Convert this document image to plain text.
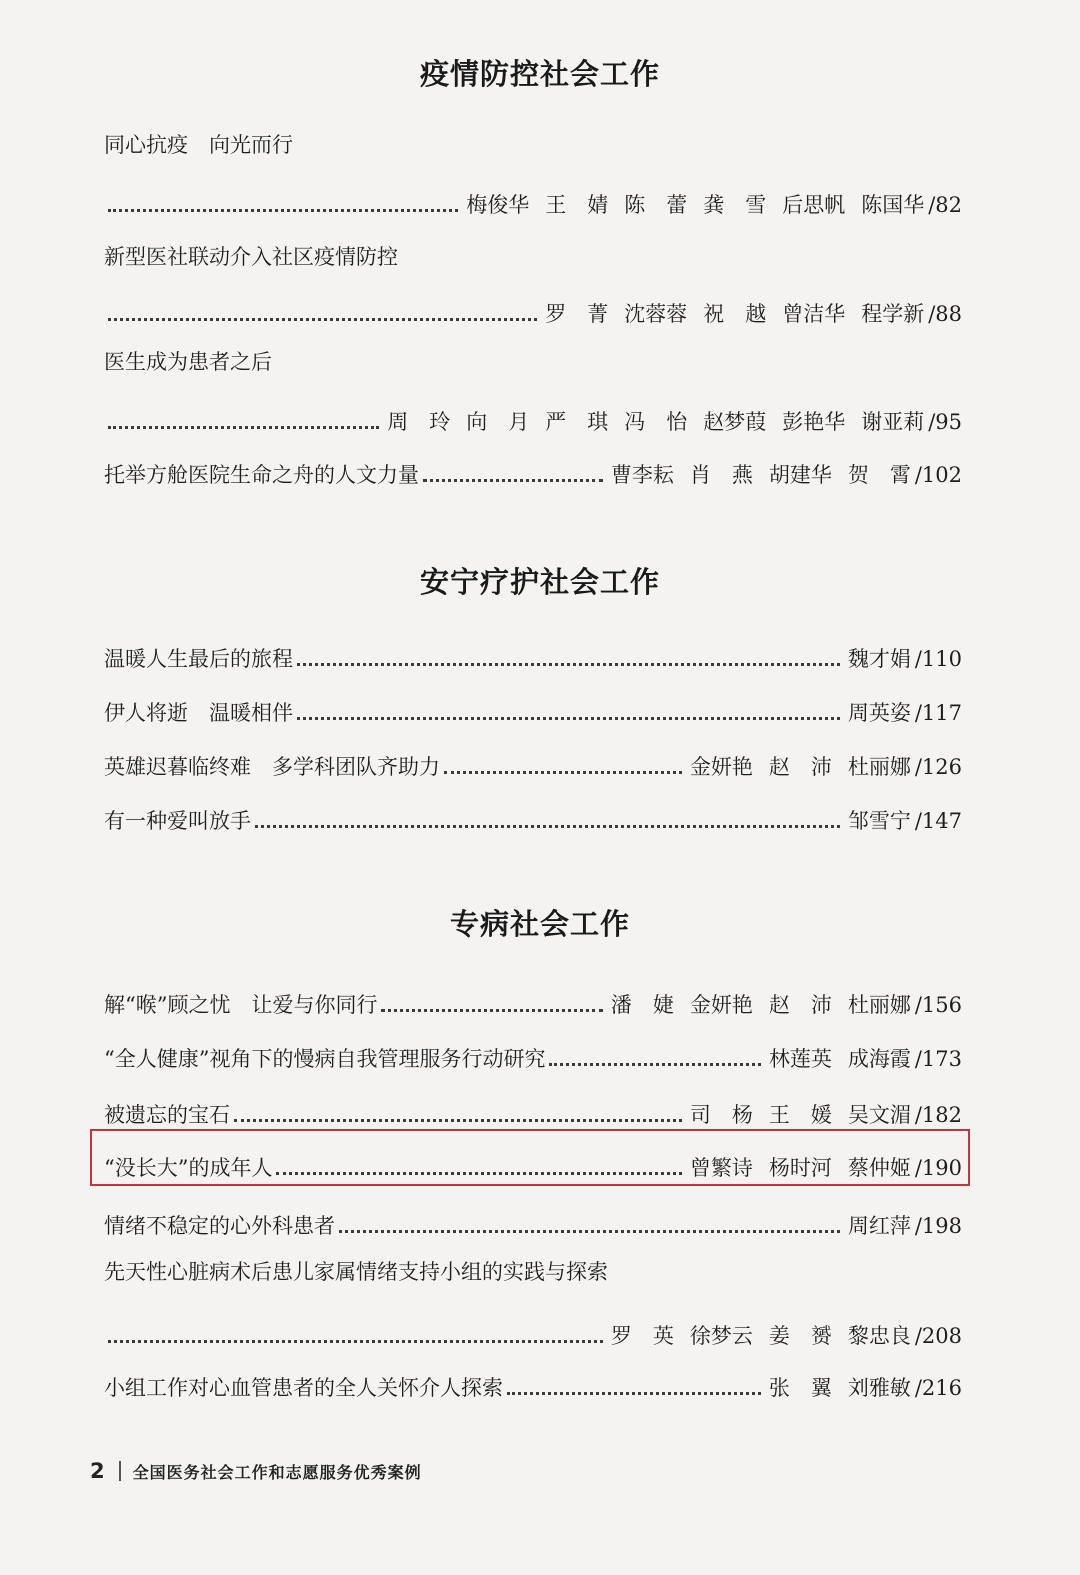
疫情防控社会工作
同心抗疫　向光而行
梅俊华 王　婧 陈　蕾 龚　雪 后思帆 陈国华 /82
新型医社联动介入社区疫情防控
罗　菁 沈蓉蓉 祝　越 曾洁华 程学新 /88
医生成为患者之后
周　玲 向　月 严　琪 冯　怡 赵梦葭 彭艳华 谢亚莉 /95
托举方舱医院生命之舟的人文力量	曹李耘 肖　燕 胡建华 贺　霄 /102
安宁疗护社会工作
温暖人生最后的旅程	魏才娟 /110
伊人将逝　温暖相伴	周英姿 /117
英雄迟暮临终难　多学科团队齐助力	金妍艳 赵　沛 杜丽娜 /126
有一种爱叫放手	邹雪宁 /147
专病社会工作
解“喉”顾之忧　让爱与你同行	潘　婕 金妍艳 赵　沛 杜丽娜 /156
“全人健康”视角下的慢病自我管理服务行动研究	林莲英 成海霞 /173
被遗忘的宝石	司　杨 王　媛 吴文湄 /182
“没长大”的成年人	曾繁诗 杨时河 蔡仲姬 /190
情绪不稳定的心外科患者	周红萍 /198
先天性心脏病术后患儿家属情绪支持小组的实践与探索
罗　英 徐梦云 姜　赟 黎忠良 /208
小组工作对心血管患者的全人关怀介人探索	张　翼 刘雅敏 /216
2 全国医务社会工作和志愿服务优秀案例
